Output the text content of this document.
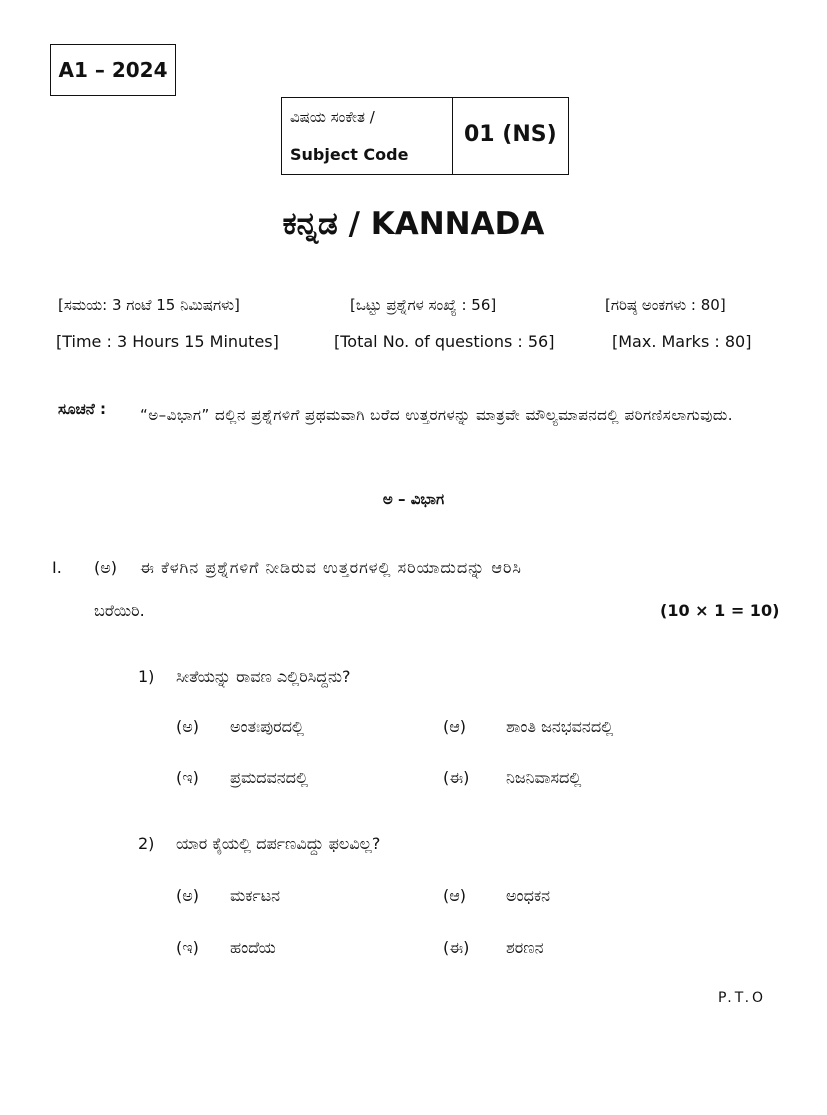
A1 – 2024
ವಿಷಯ ಸಂಕೇತ /
Subject Code
01 (NS)
ಕನ್ನಡ / KANNADA
[ಸಮಯ: 3 ಗಂಟೆ 15 ನಿಮಿಷಗಳು]	[ಒಟ್ಟು ಪ್ರಶ್ನೆಗಳ ಸಂಖ್ಯೆ : 56]	[ಗರಿಷ್ಠ ಅಂಕಗಳು : 80]
[Time : 3 Hours 15 Minutes]	[Total No. of questions : 56]	[Max. Marks : 80]
ಸೂಚನೆ : “ಅ–ವಿಭಾಗ” ದಲ್ಲಿನ ಪ್ರಶ್ನೆಗಳಿಗೆ ಪ್ರಥಮವಾಗಿ ಬರೆದ ಉತ್ತರಗಳನ್ನು ಮಾತ್ರವೇ ಮೌಲ್ಯಮಾಪನದಲ್ಲಿ ಪರಿಗಣಿಸಲಾಗುವುದು.
ಅ – ವಿಭಾಗ
I. (ಅ) ಈ ಕೆಳಗಿನ ಪ್ರಶ್ನೆಗಳಿಗೆ ನೀಡಿರುವ ಉತ್ತರಗಳಲ್ಲಿ ಸರಿಯಾದುದನ್ನು ಆರಿಸಿ
ಬರೆಯಿರಿ.	(10 × 1 = 10)
1) ಸೀತೆಯನ್ನು ರಾವಣ ಎಲ್ಲಿರಿಸಿದ್ದನು?
(ಅ) ಅಂತಃಪುರದಲ್ಲಿ	(ಆ) ಶಾಂತಿ ಜನಭವನದಲ್ಲಿ
(ಇ) ಪ್ರಮದವನದಲ್ಲಿ	(ಈ) ನಿಜನಿವಾಸದಲ್ಲಿ
2) ಯಾರ ಕೈಯಲ್ಲಿ ದರ್ಪಣವಿದ್ದು ಫಲವಿಲ್ಲ?
(ಅ) ಮರ್ಕಟನ	(ಆ) ಅಂಧಕನ
(ಇ) ಹಂದೆಯ	(ಈ) ಶರಣನ
P.T.O
